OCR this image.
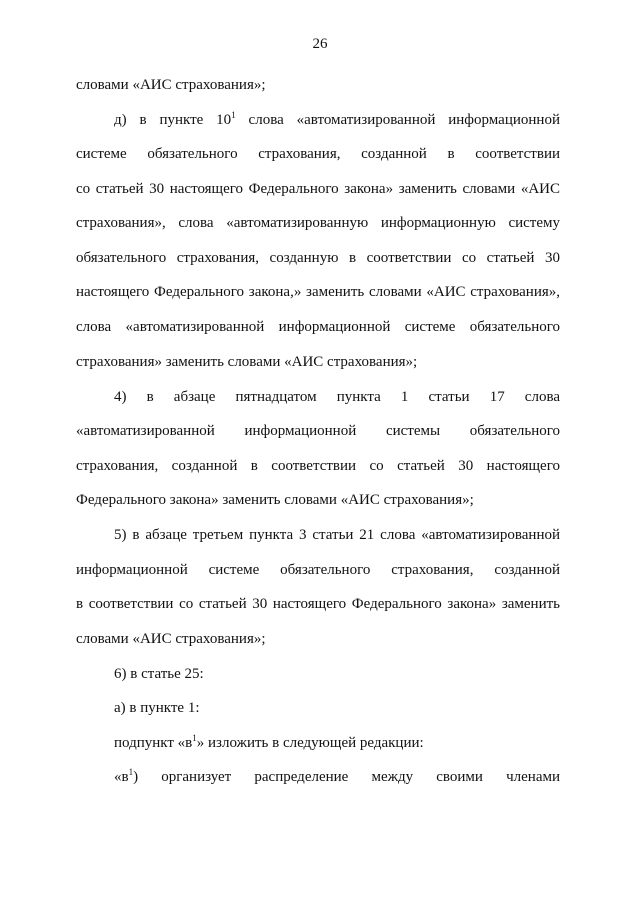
26
словами «АИС страхования»;
д) в пункте $10^1$ слова «автоматизированной информационной
системе обязательного страхования, созданной в соответствии
со статьей 30 настоящего Федерального закона» заменить словами «АИС
страхования», слова «автоматизированную информационную систему
обязательного страхования, созданную в соответствии со статьей 30
настоящего Федерального закона,» заменить словами «АИС страхования»,
слова «автоматизированной информационной системе обязательного
страхования» заменить словами «АИС страхования»;
4) в абзаце пятнадцатом пункта 1 статьи 17 слова
«автоматизированной информационной системы обязательного
страхования, созданной в соответствии со статьей 30 настоящего
Федерального закона» заменить словами «АИС страхования»;
5) в абзаце третьем пункта 3 статьи 21 слова «автоматизированной
информационной системе обязательного страхования, созданной
в соответствии со статьей 30 настоящего Федерального закона» заменить
словами «АИС страхования»;
6) в статье 25:
а) в пункте 1:
подпункт «$в^1$» изложить в следующей редакции:
«$в^1$) организует распределение между своими членами
